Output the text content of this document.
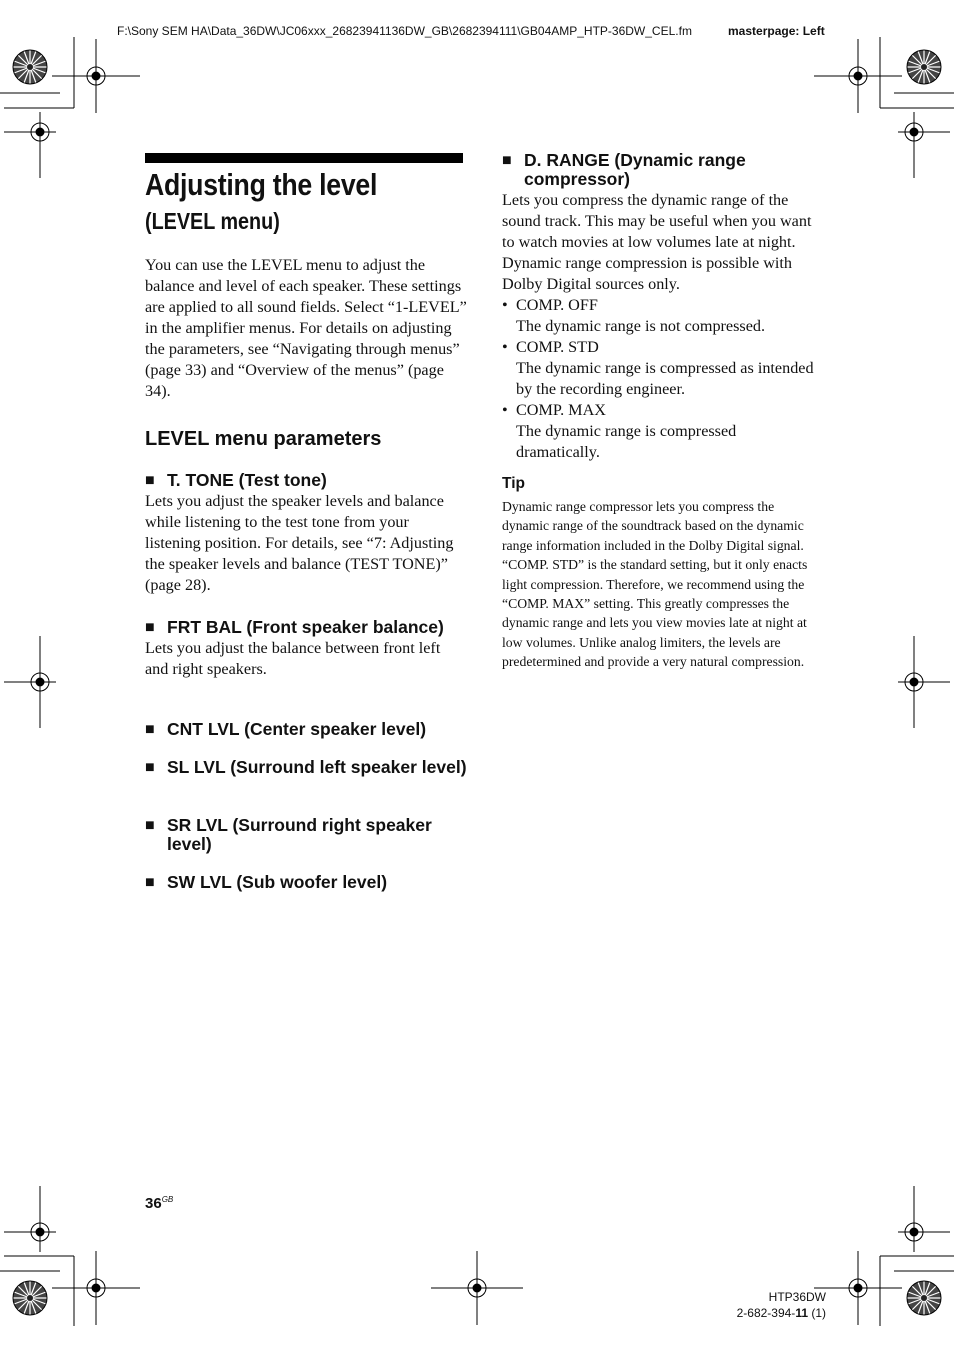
F:\Sony SEM HA\Data_36DW\JC06xxx_26823941136DW_GB\2682394111\GB04AMP_HTP-36DW_CEL.fm	masterpage: Left
Adjusting the level
(LEVEL menu)
You can use the LEVEL menu to adjust the balance and level of each speaker. These settings are applied to all sound fields. Select “1-LEVEL” in the amplifier menus. For details on adjusting the parameters, see “Navigating through menus” (page 33) and “Overview of the menus” (page 34).
LEVEL menu parameters
■ T. TONE (Test tone)
Lets you adjust the speaker levels and balance while listening to the test tone from your listening position. For details, see “7: Adjusting the speaker levels and balance (TEST TONE)” (page 28).
■ FRT BAL (Front speaker balance)
Lets you adjust the balance between front left and right speakers.
■ CNT LVL (Center speaker level)
■ SL LVL (Surround left speaker level)
■ SR LVL (Surround right speaker level)
■ SW LVL (Sub woofer level)
■ D. RANGE (Dynamic range compressor)
Lets you compress the dynamic range of the sound track. This may be useful when you want to watch movies at low volumes late at night. Dynamic range compression is possible with Dolby Digital sources only.
• COMP. OFF
The dynamic range is not compressed.
• COMP. STD
The dynamic range is compressed as intended by the recording engineer.
• COMP. MAX
The dynamic range is compressed dramatically.
Tip
Dynamic range compressor lets you compress the dynamic range of the soundtrack based on the dynamic range information included in the Dolby Digital signal. “COMP. STD” is the standard setting, but it only enacts light compression. Therefore, we recommend using the “COMP. MAX” setting. This greatly compresses the dynamic range and lets you view movies late at night at low volumes. Unlike analog limiters, the levels are predetermined and provide a very natural compression.
$36^{GB}$
HTP36DW
2-682-394-11 (1)
